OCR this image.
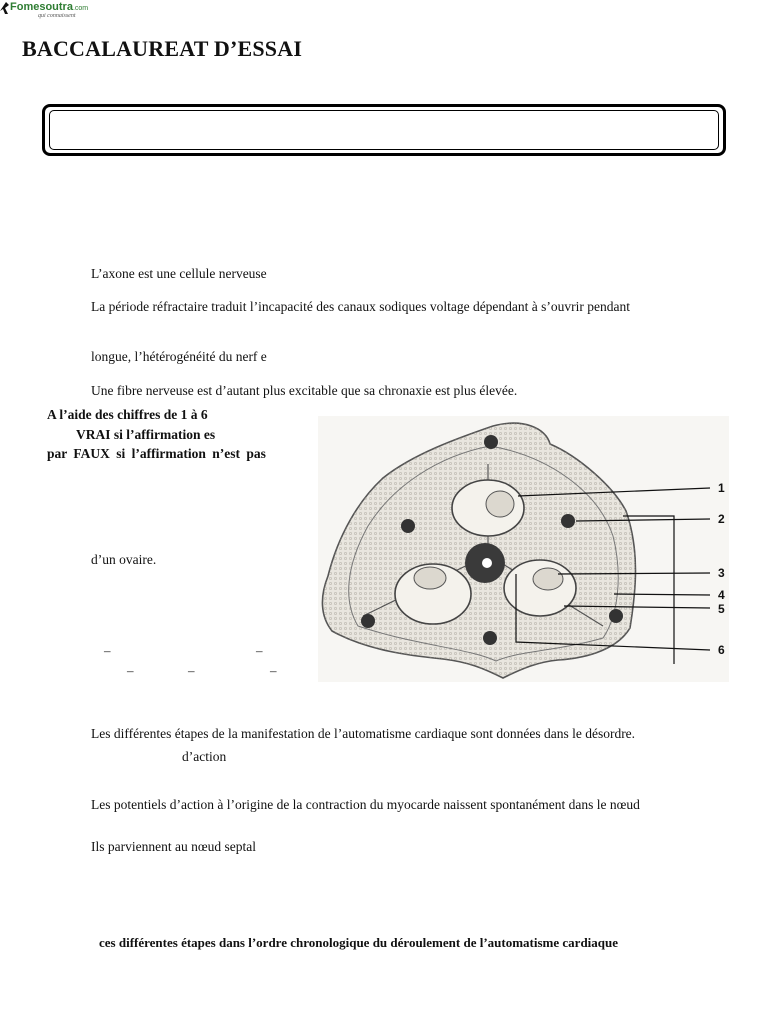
BACCALAUREAT D’ESSAI
Fomesoutra.com
qui connaissent
L’axone est une cellule nerveuse
La période réfractaire traduit l’incapacité des canaux sodiques voltage dépendant à s’ouvrir pendant
longue, l’hétérogénéité du nerf e
Une fibre nerveuse est d’autant plus excitable que sa chronaxie est plus élevée.
A l’aide des chiffres de 1 à 6
VRAI si l’affirmation es
par FAUX si l’affirmation n’est pas
d’un ovaire.
–	–
–	–	–
1
2
3
4
5
6
Les différentes étapes de la manifestation de l’automatisme cardiaque sont données dans le désordre.
d’action
Les potentiels d’action à l’origine de la contraction du myocarde naissent spontanément dans le nœud
Ils parviennent au nœud septal
ces différentes étapes dans l’ordre chronologique du déroulement de l’automatisme cardiaque
